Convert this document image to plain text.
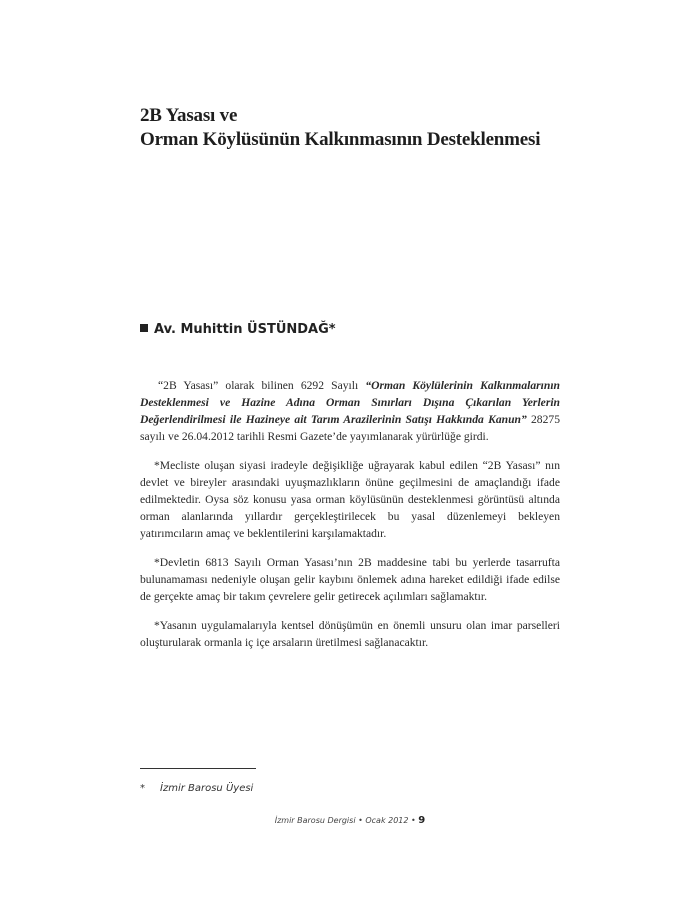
2B Yasası ve
Orman Köylüsünün Kalkınmasının Desteklenmesi
Av. Muhittin ÜSTÜNDAĞ*

“2B Yasası” olarak bilinen 6292 Sayılı “Orman Köylülerinin Kalkınmalarının Desteklenmesi ve Hazine Adına Orman Sınırları Dışına Çıkarılan Yerlerin Değerlendirilmesi ile Hazineye ait Tarım Arazilerinin Satışı Hakkında Kanun” 28275 sayılı ve 26.04.2012 tarihli Resmi Gazete’de yayımlanarak yürürlüğe girdi.

*Mecliste oluşan siyasi iradeyle değişikliğe uğrayarak kabul edilen “2B Yasası” nın devlet ve bireyler arasındaki uyuşmazlıkların önüne geçilmesini de amaçlandığı ifade edilmektedir. Oysa söz konusu yasa orman köylüsünün desteklenmesi görüntüsü altında orman alanlarında yıllardır gerçekleştirilecek bu yasal düzenlemeyi bekleyen yatırımcıların amaç ve beklentilerini karşılamaktadır.

*Devletin 6813 Sayılı Orman Yasası’nın 2B maddesine tabi bu yerlerde tasarrufta bulunamaması nedeniyle oluşan gelir kaybını önlemek adına hareket edildiği ifade edilse de gerçekte amaç bir takım çevrelere gelir getirecek açılımları sağlamaktır.

*Yasanın uygulamalarıyla kentsel dönüşümün en önemli unsuru olan imar parselleri oluşturularak ormanla iç içe arsaların üretilmesi sağlanacaktır.

* İzmir Barosu Üyesi
İzmir Barosu Dergisi • Ocak 2012 • 9
